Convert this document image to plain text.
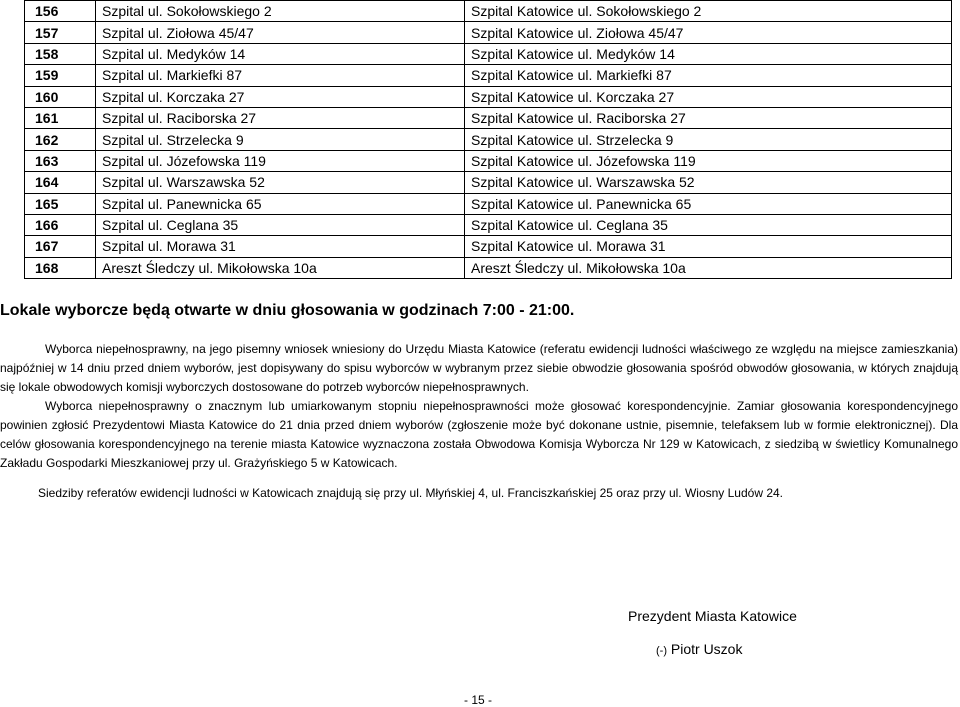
156	Szpital ul. Sokołowskiego 2	Szpital Katowice ul. Sokołowskiego 2
157	Szpital ul. Ziołowa 45/47	Szpital Katowice ul. Ziołowa 45/47
158	Szpital ul. Medyków 14	Szpital Katowice ul. Medyków 14
159	Szpital ul. Markiefki 87	Szpital Katowice ul. Markiefki 87
160	Szpital ul. Korczaka 27	Szpital Katowice ul. Korczaka 27
161	Szpital ul. Raciborska 27	Szpital Katowice ul. Raciborska 27
162	Szpital ul. Strzelecka 9	Szpital Katowice ul. Strzelecka 9
163	Szpital ul. Józefowska 119	Szpital Katowice ul. Józefowska 119
164	Szpital ul. Warszawska 52	Szpital Katowice ul. Warszawska 52
165	Szpital ul. Panewnicka 65	Szpital Katowice ul. Panewnicka 65
166	Szpital ul. Ceglana 35	Szpital Katowice ul. Ceglana 35
167	Szpital ul. Morawa 31	Szpital Katowice ul. Morawa 31
168	Areszt Śledczy ul. Mikołowska 10a	Areszt Śledczy ul. Mikołowska 10a
Lokale wyborcze będą otwarte w dniu głosowania w godzinach 7:00 - 21:00.
Wyborca niepełnosprawny, na jego pisemny wniosek wniesiony do Urzędu Miasta Katowice (referatu ewidencji ludności właściwego ze względu na miejsce zamieszkania) najpóźniej w 14 dniu przed dniem wyborów, jest dopisywany do spisu wyborców w wybranym przez siebie obwodzie głosowania spośród obwodów głosowania, w których znajdują się lokale obwodowych komisji wyborczych dostosowane do potrzeb wyborców niepełnosprawnych.
Wyborca niepełnosprawny o znacznym lub umiarkowanym stopniu niepełnosprawności może głosować korespondencyjnie. Zamiar głosowania korespondencyjnego powinien zgłosić Prezydentowi Miasta Katowice do 21 dnia przed dniem wyborów (zgłoszenie może być dokonane ustnie, pisemnie, telefaksem lub w formie elektronicznej). Dla celów głosowania korespondencyjnego na terenie miasta Katowice wyznaczona została Obwodowa Komisja Wyborcza Nr 129 w Katowicach, z siedzibą w świetlicy Komunalnego Zakładu Gospodarki Mieszkaniowej przy ul. Grażyńskiego 5 w Katowicach.
Siedziby referatów ewidencji ludności w Katowicach znajdują się przy ul. Młyńskiej 4, ul. Franciszkańskiej 25 oraz przy ul. Wiosny Ludów 24.
Prezydent Miasta Katowice
(-) Piotr Uszok
- 15 -
